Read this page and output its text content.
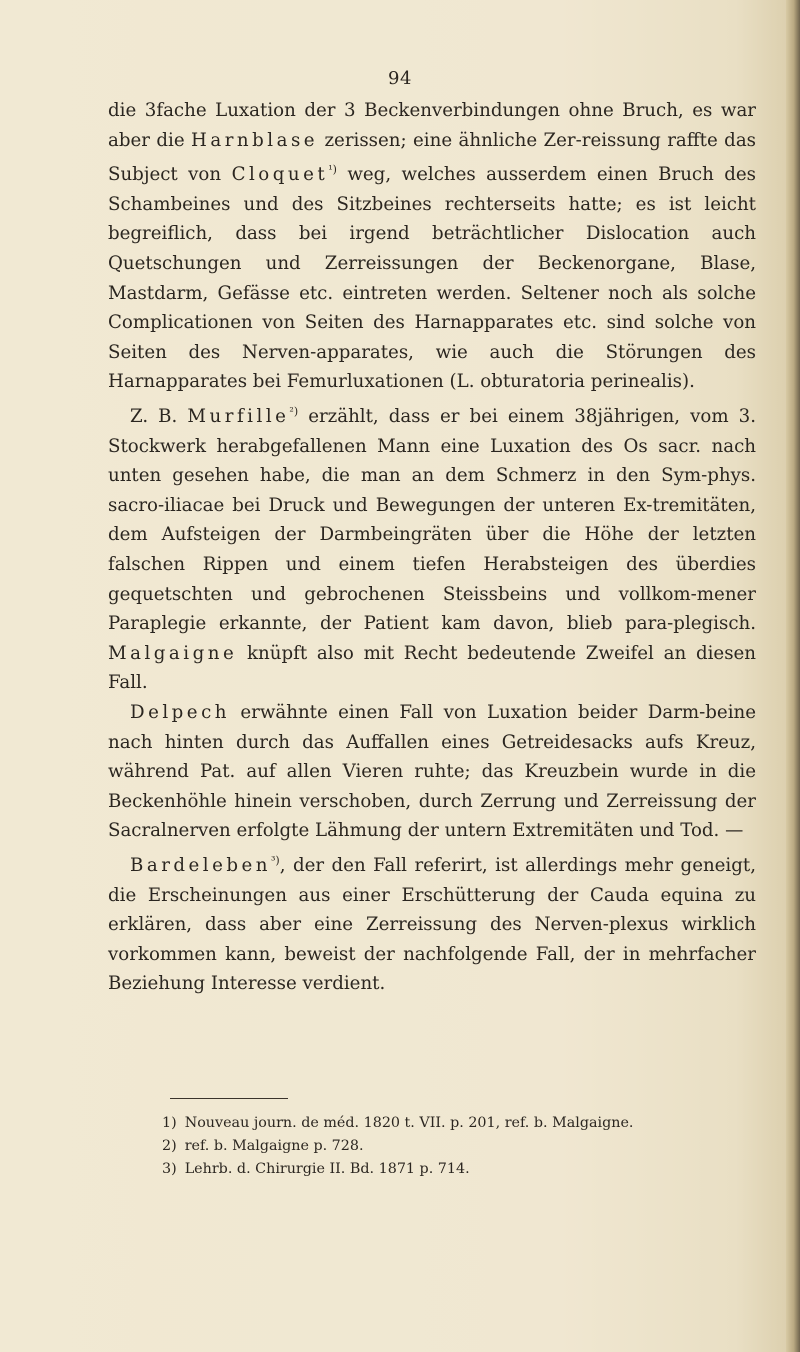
94

die 3fache Luxation der 3 Beckenverbindungen ohne Bruch, es war aber die Harnblase zerissen; eine ähnliche Zer-reissung raffte das Subject von Cloquet$^{^1)}$ weg, welches ausserdem einen Bruch des Schambeines und des Sitzbeines rechterseits hatte; es ist leicht begreiflich, dass bei irgend beträchtlicher Dislocation auch Quetschungen und Zerreissungen der Beckenorgane, Blase, Mastdarm, Gefässe etc. eintreten werden. Seltener noch als solche Complicationen von Seiten des Harnapparates etc. sind solche von Seiten des Nerven-apparates, wie auch die Störungen des Harnapparates bei Femurluxationen (L. obturatoria perinealis).

Z. B. Murfille$^{^2)}$ erzählt, dass er bei einem 38jährigen, vom 3. Stockwerk herabgefallenen Mann eine Luxation des Os sacr. nach unten gesehen habe, die man an dem Schmerz in den Sym-phys. sacro-iliacae bei Druck und Bewegungen der unteren Ex-tremitäten, dem Aufsteigen der Darmbeingräten über die Höhe der letzten falschen Rippen und einem tiefen Herabsteigen des überdies gequetschten und gebrochenen Steissbeins und vollkom-mener Paraplegie erkannte, der Patient kam davon, blieb para-plegisch. Malgaigne knüpft also mit Recht bedeutende Zweifel an diesen Fall.

Delpech erwähnte einen Fall von Luxation beider Darm-beine nach hinten durch das Auffallen eines Getreidesacks aufs Kreuz, während Pat. auf allen Vieren ruhte; das Kreuzbein wurde in die Beckenhöhle hinein verschoben, durch Zerrung und Zerreissung der Sacralnerven erfolgte Lähmung der untern Extremitäten und Tod. —

Bardeleben$^{^3)}$, der den Fall referirt, ist allerdings mehr geneigt, die Erscheinungen aus einer Erschütterung der Cauda equina zu erklären, dass aber eine Zerreissung des Nerven-plexus wirklich vorkommen kann, beweist der nachfolgende Fall, der in mehrfacher Beziehung Interesse verdient.

1) Nouveau journ. de méd. 1820 t. VII. p. 201, ref. b. Malgaigne.
2) ref. b. Malgaigne p. 728.
3) Lehrb. d. Chirurgie II. Bd. 1871 p. 714.
